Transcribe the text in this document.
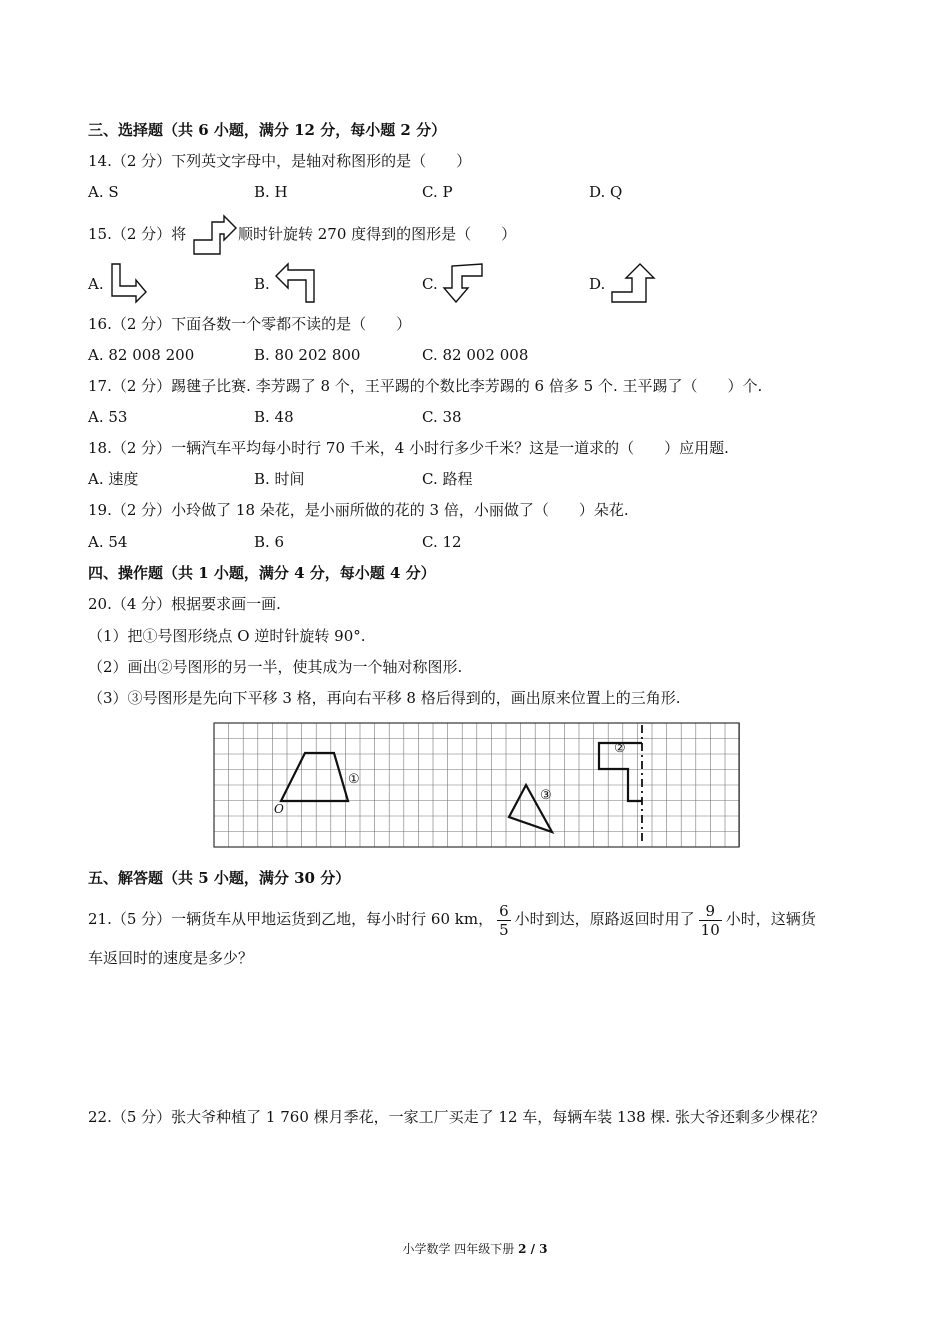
三、选择题（共 6 小题，满分 12 分，每小题 2 分）
14.（2 分）下列英文字母中，是轴对称图形的是（　　）
A. S	B. H	C. P	D. Q
15.（2 分）将	顺时针旋转 270 度得到的图形是（　　）
A.	B.	C.	D.
16.（2 分）下面各数一个零都不读的是（　　）
A. 82 008 200	B. 80 202 800	C. 82 002 008
17.（2 分）踢毽子比赛. 李芳踢了 8 个，王平踢的个数比李芳踢的 6 倍多 5 个. 王平踢了（　　）个.
A. 53	B. 48	C. 38
18.（2 分）一辆汽车平均每小时行 70 千米，4 小时行多少千米？这是一道求的（　　）应用题.
A. 速度	B. 时间	C. 路程
19.（2 分）小玲做了 18 朵花，是小丽所做的花的 3 倍，小丽做了（　　）朵花.
A. 54	B. 6	C. 12
四、操作题（共 1 小题，满分 4 分，每小题 4 分）
20.（4 分）根据要求画一画.
（1）把①号图形绕点 O 逆时针旋转 90°.
（2）画出②号图形的另一半，使其成为一个轴对称图形.
（3）③号图形是先向下平移 3 格，再向右平移 8 格后得到的，画出原来位置上的三角形.
O
①
③
②
五、解答题（共 5 小题，满分 30 分）
21.（5 分）一辆货车从甲地运货到乙地，每小时行 60 km， $\frac{6}{5}$ 小时到达，原路返回时用了 $\frac{9}{10}$ 小时，这辆货
车返回时的速度是多少？
22.（5 分）张大爷种植了 1 760 棵月季花，一家工厂买走了 12 车，每辆车装 138 棵. 张大爷还剩多少棵花？
小学数学 四年级下册 2 / 3
